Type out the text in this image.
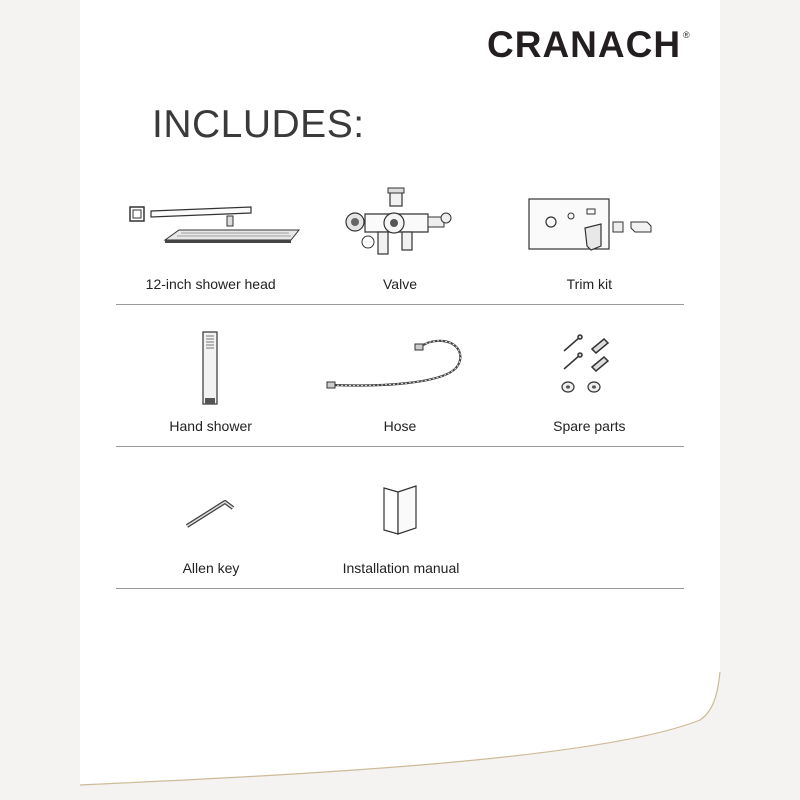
CRANACH ®
INCLUDES:
12-inch shower head	Valve	Trim kit
Hand shower	Hose	Spare parts
Allen key	Installation manual
